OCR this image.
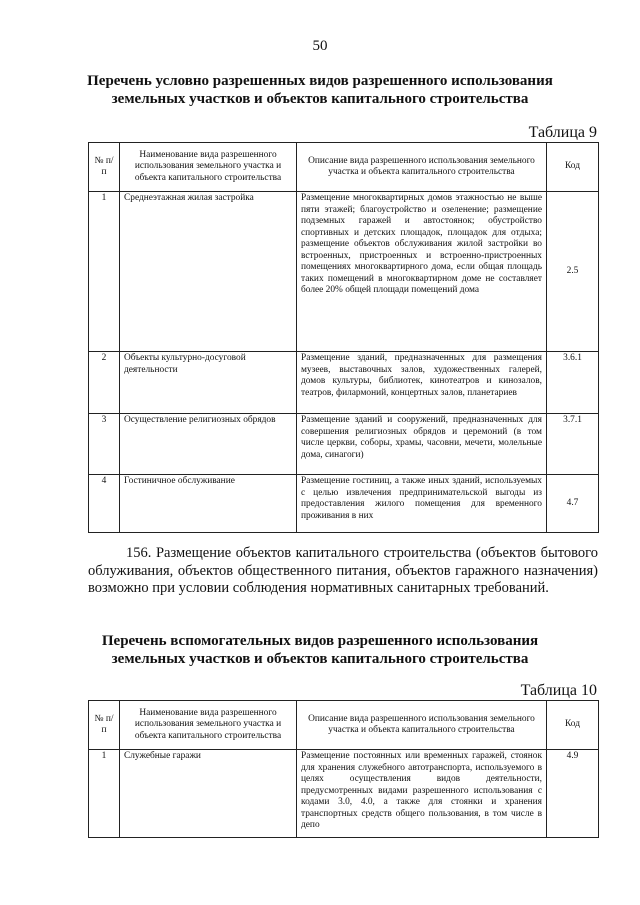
50
Перечень условно разрешенных видов разрешенного использования
земельных участков и объектов капитального строительства
Таблица 9
№ п/п	Наименование вида разрешенного использования земельного участка и объекта капитального строительства	Описание вида разрешенного использования земельного участка и объекта капитального строительства	Код
1	Среднеэтажная жилая застройка	Размещение многоквартирных домов этажностью не выше пяти этажей; благоустройство и озеленение; размещение подземных гаражей и автостоянок; обустройство спортивных и детских площадок, площадок для отдыха; размещение объектов обслуживания жилой застройки во встроенных, пристроенных и встроенно-пристроенных помещениях многоквартирного дома, если общая площадь таких помещений в многоквартирном доме не составляет более 20% общей площади помещений дома	2.5
2	Объекты культурно-досуговой деятельности	Размещение зданий, предназначенных для размещения музеев, выставочных залов, художественных галерей, домов культуры, библиотек, кинотеатров и кинозалов, театров, филармоний, концертных залов, планетариев	3.6.1
3	Осуществление религиозных обрядов	Размещение зданий и сооружений, предназначенных для совершения религиозных обрядов и церемоний (в том числе церкви, соборы, храмы, часовни, мечети, молельные дома, синагоги)	3.7.1
4	Гостиничное обслуживание	Размещение гостиниц, а также иных зданий, используемых с целью извлечения предпринимательской выгоды из предоставления жилого помещения для временного проживания в них	4.7
156. Размещение объектов капитального строительства (объектов бытового облуживания, объектов общественного питания, объектов гаражного назначения) возможно при условии соблюдения нормативных санитарных требований.
Перечень вспомогательных видов разрешенного использования
земельных участков и объектов капитального строительства
Таблица 10
№ п/п	Наименование вида разрешенного использования земельного участка и объекта капитального строительства	Описание вида разрешенного использования земельного участка и объекта капитального строительства	Код
1	Служебные гаражи	Размещение постоянных или временных гаражей, стоянок для хранения служебного автотранспорта, используемого в целях осуществления видов деятельности, предусмотренных видами разрешенного использования с кодами 3.0, 4.0, а также для стоянки и хранения транспортных средств общего пользования, в том числе в депо	4.9
